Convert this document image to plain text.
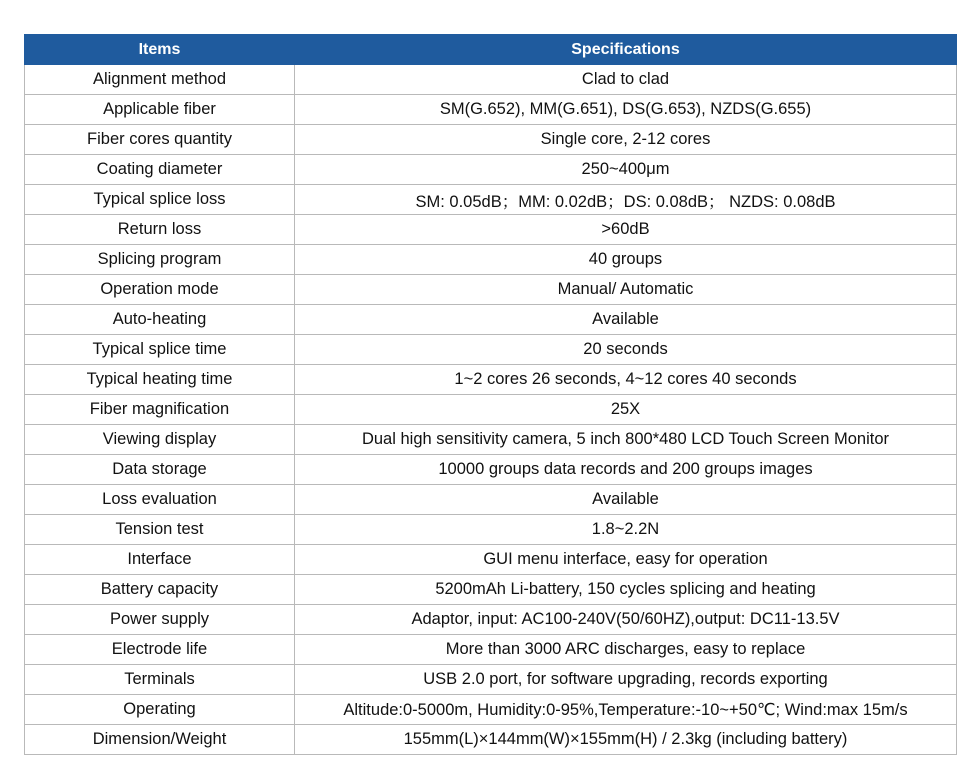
Items	Specifications
Alignment method	Clad to clad
Applicable fiber	SM(G.652), MM(G.651), DS(G.653), NZDS(G.655)
Fiber cores quantity	Single core, 2-12 cores
Coating diameter	250~400μm
Typical splice loss	SM: 0.05dB；MM: 0.02dB；DS: 0.08dB； NZDS: 0.08dB
Return loss	>60dB
Splicing program	40 groups
Operation mode	Manual/ Automatic
Auto-heating	Available
Typical splice time	20 seconds
Typical heating time	1~2 cores 26 seconds, 4~12 cores 40 seconds
Fiber magnification	25X
Viewing display	Dual high sensitivity camera, 5 inch 800*480 LCD Touch Screen Monitor
Data storage	10000 groups data records and 200 groups images
Loss evaluation	Available
Tension test	1.8~2.2N
Interface	GUI menu interface, easy for operation
Battery capacity	5200mAh Li-battery, 150 cycles splicing and heating
Power supply	Adaptor, input: AC100-240V(50/60HZ),output: DC11-13.5V
Electrode life	More than 3000 ARC discharges, easy to replace
Terminals	USB 2.0 port, for software upgrading, records exporting
Operating	Altitude:0-5000m, Humidity:0-95%,Temperature:-10~+50℃; Wind:max 15m/s
Dimension/Weight	155mm(L)×144mm(W)×155mm(H) / 2.3kg (including battery)
